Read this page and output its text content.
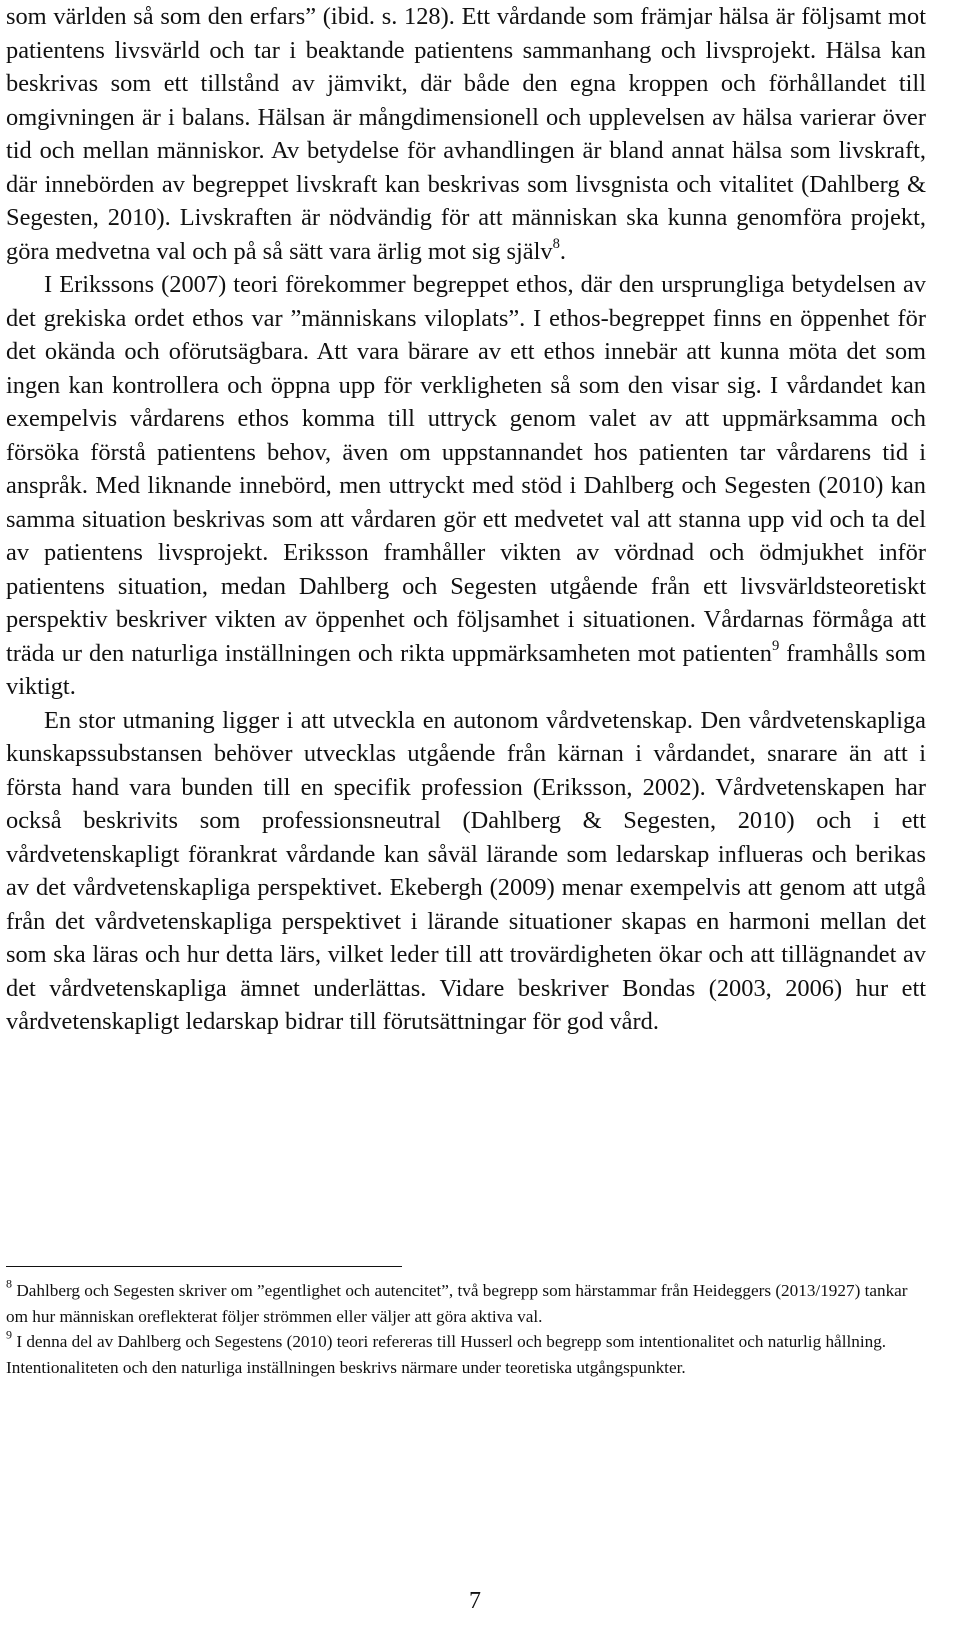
som världen så som den erfars” (ibid. s. 128). Ett vårdande som främjar hälsa är följsamt mot patientens livsvärld och tar i beaktande patientens sammanhang och livsprojekt. Hälsa kan beskrivas som ett tillstånd av jämvikt, där både den egna kroppen och förhållandet till omgivningen är i balans. Hälsan är mångdimensionell och upplevelsen av hälsa varierar över tid och mellan människor. Av betydelse för avhandlingen är bland annat hälsa som livskraft, där innebörden av begreppet livskraft kan beskrivas som livsgnista och vitalitet (Dahlberg & Segesten, 2010). Livskraften är nödvändig för att människan ska kunna genomföra projekt, göra medvetna val och på så sätt vara ärlig mot sig själv$^8$.

I Erikssons (2007) teori förekommer begreppet ethos, där den ursprungliga betydelsen av det grekiska ordet ethos var ”människans viloplats”. I ethos-begreppet finns en öppenhet för det okända och oförutsägbara. Att vara bärare av ett ethos innebär att kunna möta det som ingen kan kontrollera och öppna upp för verkligheten så som den visar sig. I vårdandet kan exempelvis vårdarens ethos komma till uttryck genom valet av att uppmärksamma och försöka förstå patientens behov, även om uppstannandet hos patienten tar vårdarens tid i anspråk. Med liknande innebörd, men uttryckt med stöd i Dahlberg och Segesten (2010) kan samma situation beskrivas som att vårdaren gör ett medvetet val att stanna upp vid och ta del av patientens livsprojekt. Eriksson framhåller vikten av vördnad och ödmjukhet inför patientens situation, medan Dahlberg och Segesten utgående från ett livsvärldsteoretiskt perspektiv beskriver vikten av öppenhet och följsamhet i situationen. Vårdarnas förmåga att träda ur den naturliga inställningen och rikta uppmärksamheten mot patienten$^9$ framhålls som viktigt.

En stor utmaning ligger i att utveckla en autonom vårdvetenskap. Den vårdvetenskapliga kunskapssubstansen behöver utvecklas utgående från kärnan i vårdandet, snarare än att i första hand vara bunden till en specifik profession (Eriksson, 2002). Vårdvetenskapen har också beskrivits som professionsneutral (Dahlberg & Segesten, 2010) och i ett vårdvetenskapligt förankrat vårdande kan såväl lärande som ledarskap influeras och berikas av det vårdvetenskapliga perspektivet. Ekebergh (2009) menar exempelvis att genom att utgå från det vårdvetenskapliga perspektivet i lärande situationer skapas en harmoni mellan det som ska läras och hur detta lärs, vilket leder till att trovärdigheten ökar och att tillägnandet av det vårdvetenskapliga ämnet underlättas. Vidare beskriver Bondas (2003, 2006) hur ett vårdvetenskapligt ledarskap bidrar till förutsättningar för god vård.

$^8$ Dahlberg och Segesten skriver om ”egentlighet och autencitet”, två begrepp som härstammar från Heideggers (2013/1927) tankar om hur människan oreflekterat följer strömmen eller väljer att göra aktiva val.

$^9$ I denna del av Dahlberg och Segestens (2010) teori refereras till Husserl och begrepp som intentionalitet och naturlig hållning. Intentionaliteten och den naturliga inställningen beskrivs närmare under teoretiska utgångspunkter.

7
